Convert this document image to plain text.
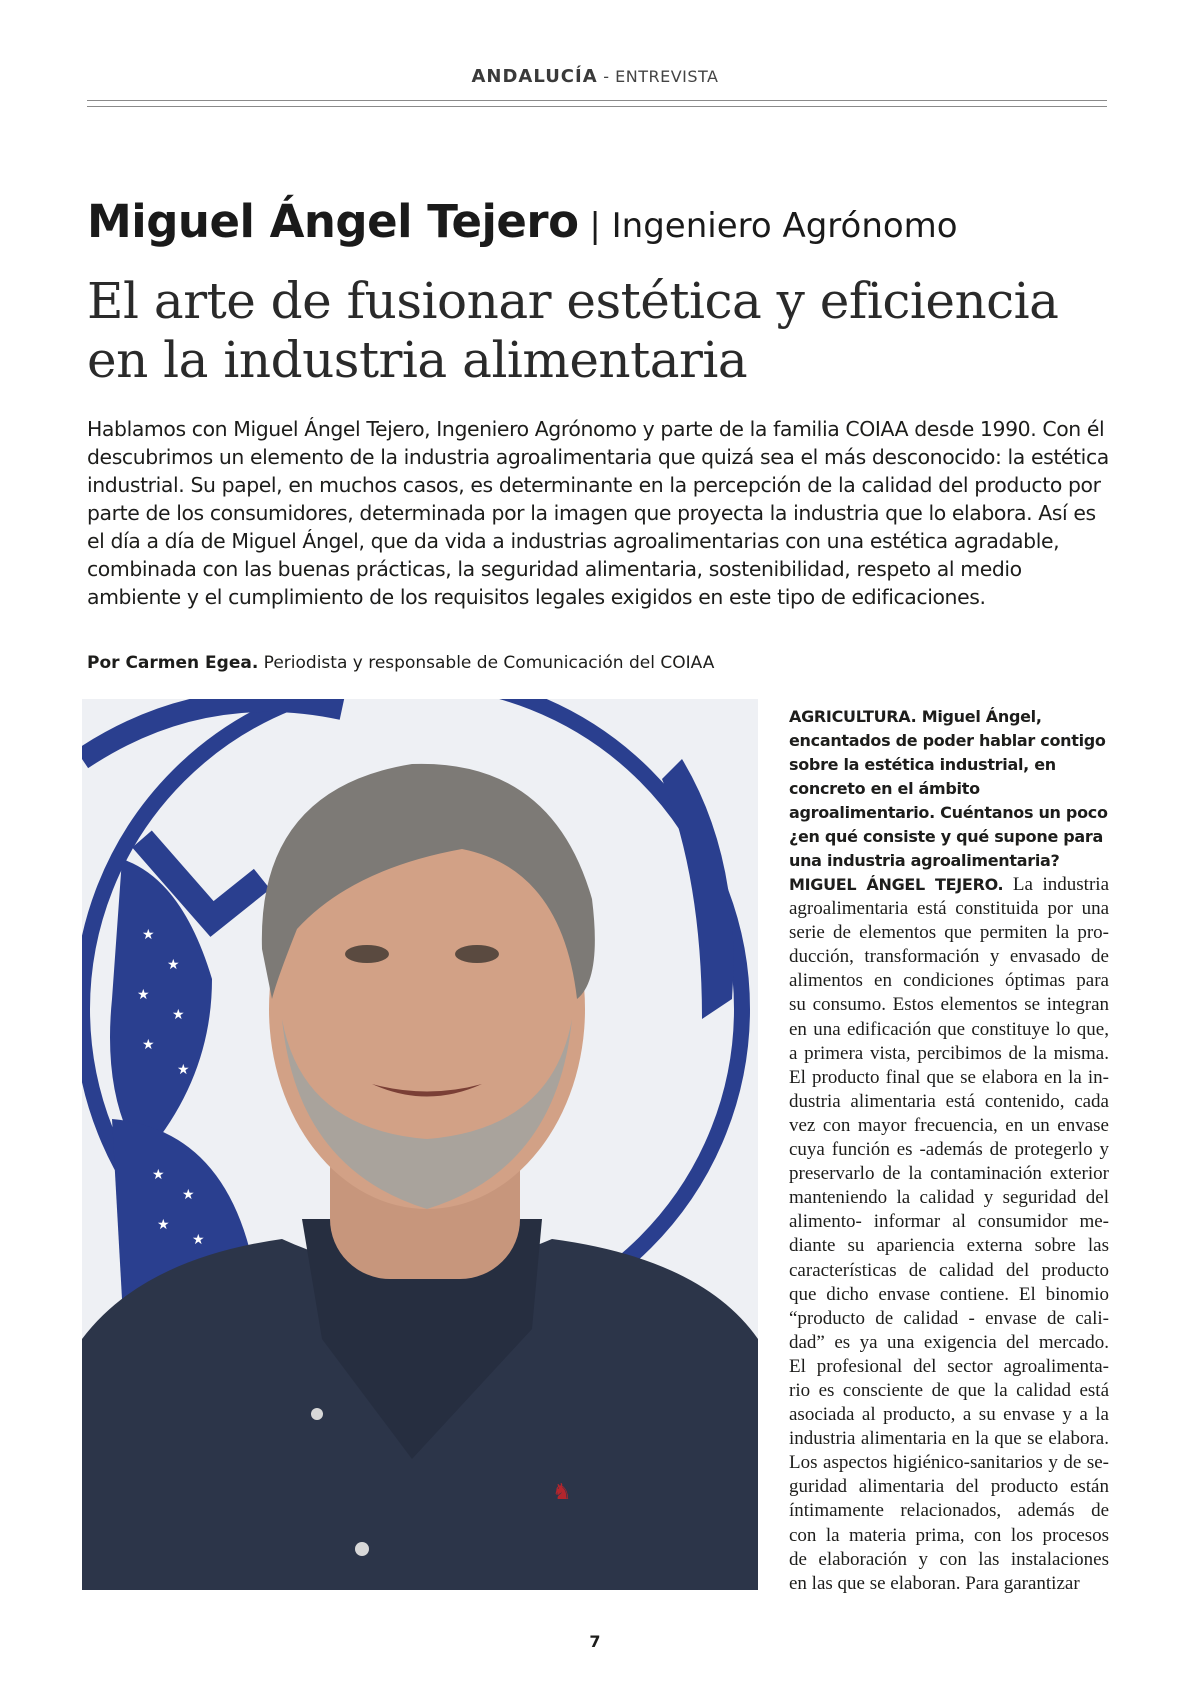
ANDALUCÍA - ENTREVISTA
Miguel Ángel Tejero | Ingeniero Agrónomo
El arte de fusionar estética y eficiencia
en la industria alimentaria
Hablamos con Miguel Ángel Tejero, Ingeniero Agrónomo y parte de la familia COIAA desde 1990. Con él descubrimos un elemento de la industria agroalimentaria que quizá sea el más desconocido: la estética industrial. Su papel, en muchos casos, es determinante en la percepción de la calidad del producto por parte de los consumidores, determinada por la imagen que proyecta la industria que lo elabora. Así es el día a día de Miguel Ángel, que da vida a industrias agroalimentarias con una estética agradable, combinada con las buenas prácticas, la seguridad alimentaria, sostenibilidad, respeto al medio ambiente y el cumplimiento de los requisitos legales exigidos en este tipo de edificaciones.
Por Carmen Egea. Periodista y responsable de Comunicación del COIAA
★
★
★
★
★
★
★
★
★
★
♞
AGRICULTURA. Miguel Ángel, encantados de poder hablar contigo sobre la estética industrial, en concreto en el ámbito agroalimentario. Cuéntanos un poco ¿en qué consiste y qué supone para una industria agroalimentaria?
MIGUEL ÁNGEL TEJERO. La industria
agroalimentaria está constituida por una
serie de elementos que permiten la pro-
ducción, transformación y envasado de
alimentos en condiciones óptimas para
su consumo. Estos elementos se integran
en una edificación que constituye lo que,
a primera vista, percibimos de la misma.
El producto final que se elabora en la in-
dustria alimentaria está contenido, cada
vez con mayor frecuencia, en un envase
cuya función es -además de protegerlo y
preservarlo de la contaminación exterior
manteniendo la calidad y seguridad del
alimento- informar al consumidor me-
diante su apariencia externa sobre las
características de calidad del producto
que dicho envase contiene. El binomio
“producto de calidad - envase de cali-
dad” es ya una exigencia del mercado.
El profesional del sector agroalimenta-
rio es consciente de que la calidad está
asociada al producto, a su envase y a la
industria alimentaria en la que se elabora.
Los aspectos higiénico-sanitarios y de se-
guridad alimentaria del producto están
íntimamente relacionados, además de
con la materia prima, con los procesos
de elaboración y con las instalaciones
en las que se elaboran. Para garantizar
7
